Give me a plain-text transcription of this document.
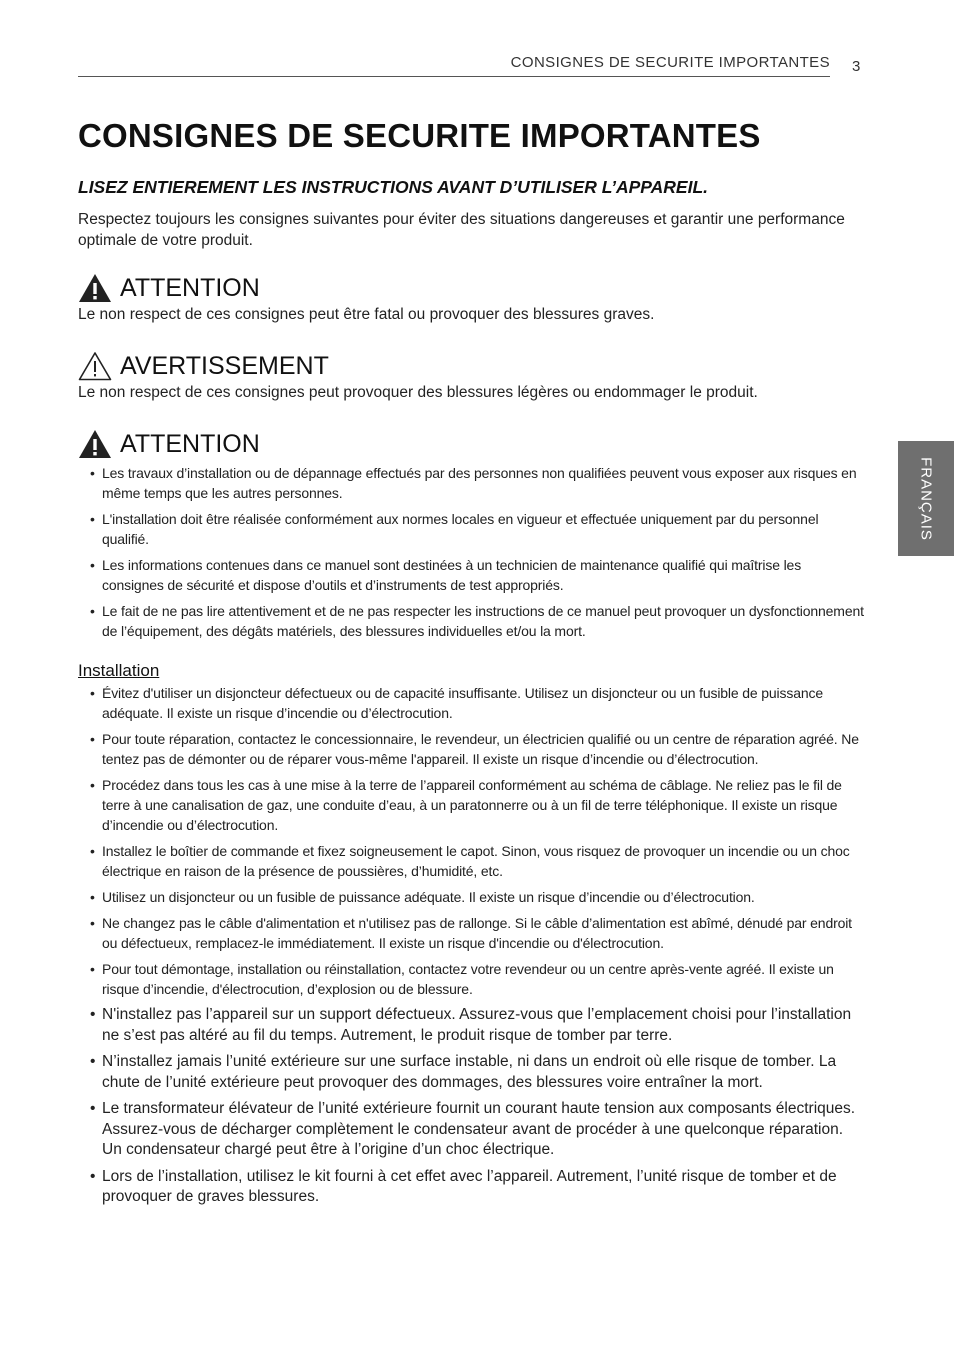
CONSIGNES DE SECURITE IMPORTANTES 3
FRANÇAIS
CONSIGNES DE SECURITE IMPORTANTES
LISEZ ENTIEREMENT LES INSTRUCTIONS AVANT D’UTILISER L’APPAREIL.
Respectez toujours les consignes suivantes pour éviter des situations dangereuses et garantir une performance optimale de votre produit.
ATTENTION
Le non respect de ces consignes peut être fatal ou provoquer des blessures graves.
AVERTISSEMENT
Le non respect de ces consignes peut provoquer des blessures légères ou endommager le produit.
ATTENTION
• Les travaux d’installation ou de dépannage effectués par des personnes non qualifiées peuvent vous exposer aux risques en même temps que les autres personnes.
• L'installation doit être réalisée conformément aux normes locales en vigueur et effectuée uniquement par du personnel qualifié.
• Les informations contenues dans ce manuel sont destinées à un technicien de maintenance qualifié qui maîtrise les consignes de sécurité et dispose d’outils et d’instruments de test appropriés.
• Le fait de ne pas lire attentivement et de ne pas respecter les instructions de ce manuel peut provoquer un dysfonctionnement de l’équipement, des dégâts matériels, des blessures individuelles et/ou la mort.
Installation
• Évitez d'utiliser un disjoncteur défectueux ou de capacité insuffisante. Utilisez un disjoncteur ou un fusible de puissance adéquate. Il existe un risque d’incendie ou d’électrocution.
• Pour toute réparation, contactez le concessionnaire, le revendeur, un électricien qualifié ou un centre de réparation agréé. Ne tentez pas de démonter ou de réparer vous-même l'appareil. Il existe un risque d’incendie ou d’électrocution.
• Procédez dans tous les cas à une mise à la terre de l’appareil conformément au schéma de câblage. Ne reliez pas le fil de terre à une canalisation de gaz, une conduite d’eau, à un paratonnerre ou à un fil de terre téléphonique. Il existe un risque d’incendie ou d’électrocution.
• Installez le boîtier de commande et fixez soigneusement le capot. Sinon, vous risquez de provoquer un incendie ou un choc électrique en raison de la présence de poussières, d’humidité, etc.
• Utilisez un disjoncteur ou un fusible de puissance adéquate. Il existe un risque d’incendie ou d’électrocution.
• Ne changez pas le câble d'alimentation et n'utilisez pas de rallonge. Si le câble d’alimentation est abîmé, dénudé par endroit ou défectueux, remplacez-le immédiatement. Il existe un risque d'incendie ou d'électrocution.
• Pour tout démontage, installation ou réinstallation, contactez votre revendeur ou un centre après-vente agréé. Il existe un risque d’incendie, d'électrocution, d’explosion ou de blessure.
• N'installez pas l’appareil sur un support défectueux. Assurez-vous que l’emplacement choisi pour l’installation ne s’est pas altéré au fil du temps. Autrement, le produit risque de tomber par terre.
• N’installez jamais l’unité extérieure sur une surface instable, ni dans un endroit où elle risque de tomber. La chute de l’unité extérieure peut provoquer des dommages, des blessures voire entraîner la mort.
• Le transformateur élévateur de l’unité extérieure fournit un courant haute tension aux composants électriques. Assurez-vous de décharger complètement le condensateur avant de procéder à une quelconque réparation. Un condensateur chargé peut être à l’origine d’un choc électrique.
• Lors de l’installation, utilisez le kit fourni à cet effet avec l’appareil. Autrement, l’unité risque de tomber et de provoquer de graves blessures.
